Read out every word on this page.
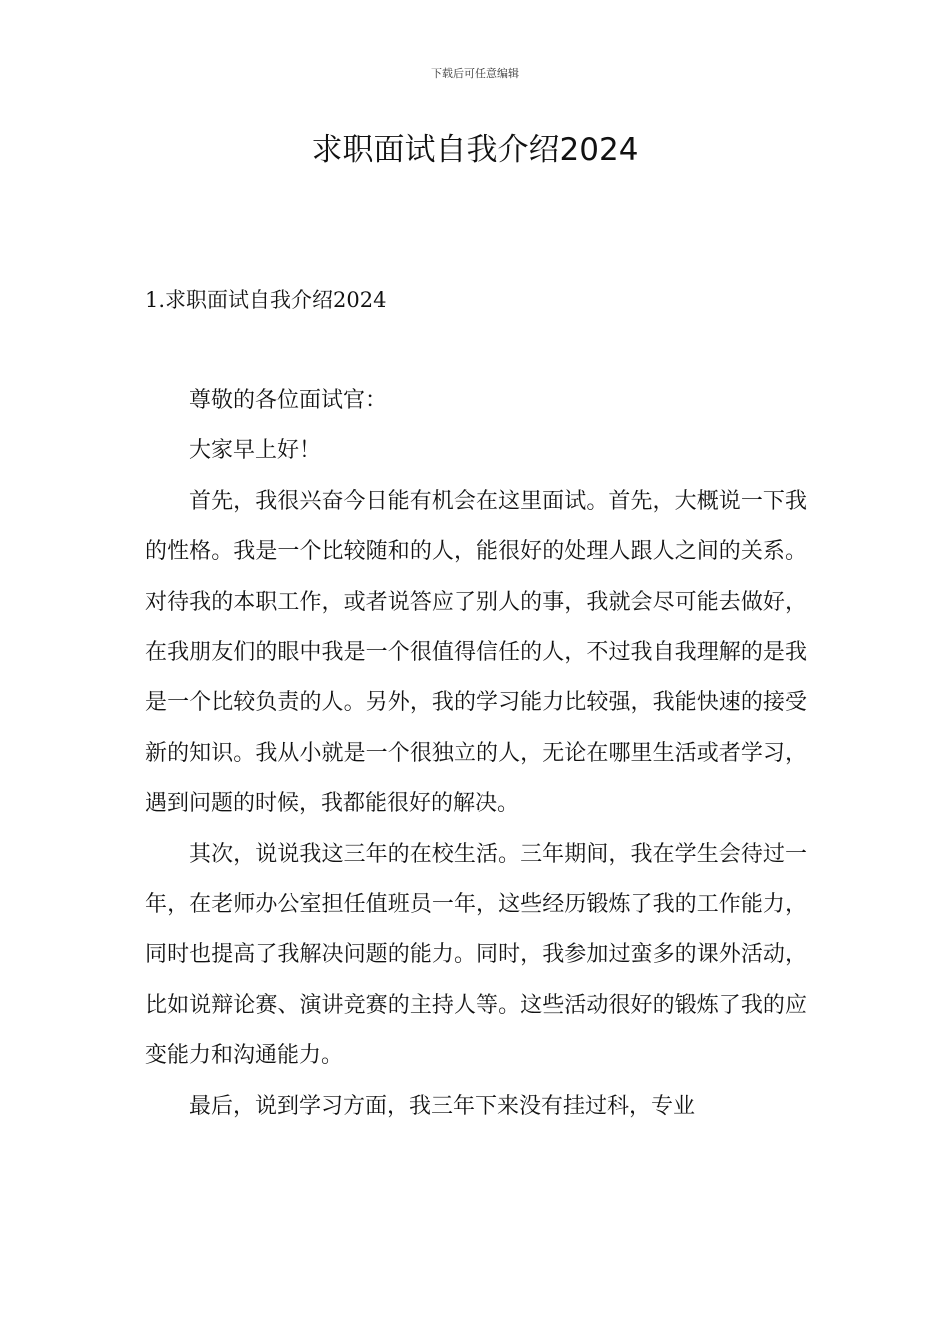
下载后可任意编辑
求职面试自我介绍2024
1.求职面试自我介绍2024

尊敬的各位面试官：

大家早上好！

首先，我很兴奋今日能有机会在这里面试。首先，大概说一下我的性格。我是一个比较随和的人，能很好的处理人跟人之间的关系。对待我的本职工作，或者说答应了别人的事，我就会尽可能去做好，在我朋友们的眼中我是一个很值得信任的人，不过我自我理解的是我是一个比较负责的人。另外，我的学习能力比较强，我能快速的接受新的知识。我从小就是一个很独立的人，无论在哪里生活或者学习，遇到问题的时候，我都能很好的解决。

其次，说说我这三年的在校生活。三年期间，我在学生会待过一年，在老师办公室担任值班员一年，这些经历锻炼了我的工作能力，同时也提高了我解决问题的能力。同时，我参加过蛮多的课外活动，比如说辩论赛、演讲竞赛的主持人等。这些活动很好的锻炼了我的应变能力和沟通能力。

最后，说到学习方面，我三年下来没有挂过科，专业
